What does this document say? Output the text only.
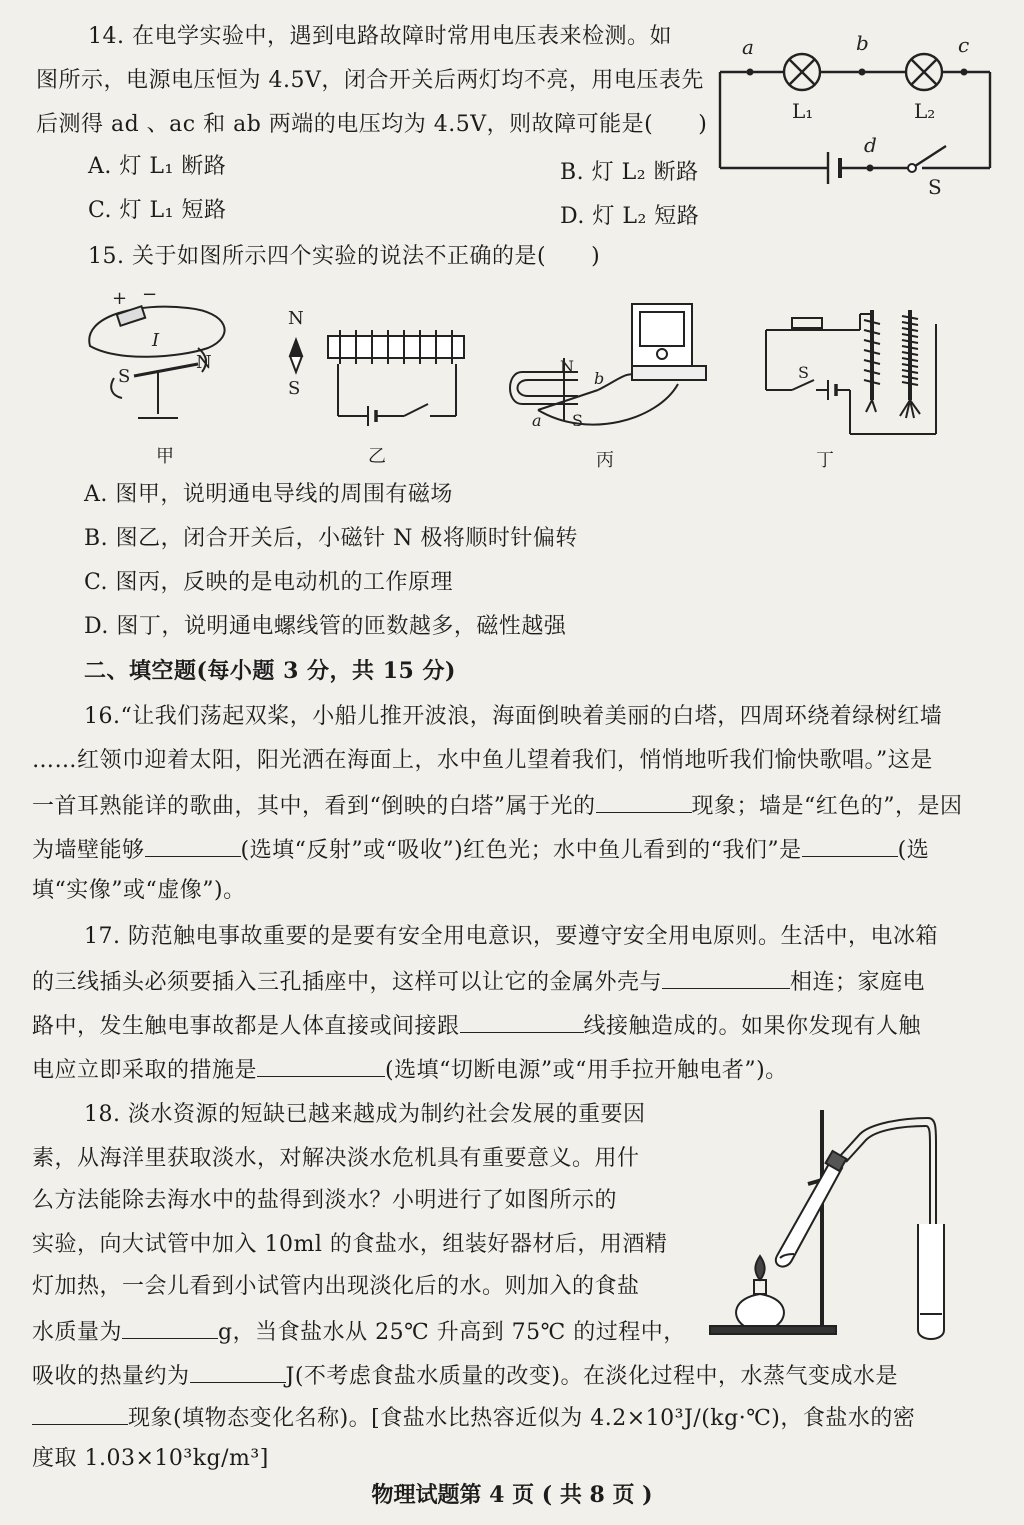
14. 在电学实验中，遇到电路故障时常用电压表来检测。如
图所示，电源电压恒为 4.5V，闭合开关后两灯均不亮，用电压表先
后测得 ad 、ac 和 ab 两端的电压均为 4.5V，则故障可能是(　　)
A. 灯 L₁ 断路	B. 灯 L₂ 断路
C. 灯 L₁ 短路	D. 灯 L₂ 短路
a	b	c
d
L₁	L₂
S
15. 关于如图所示四个实验的说法不正确的是(　　)
+ −
I
S
N
甲
N
S
乙
N
S
a
b
丙
S
丁
A. 图甲，说明通电导线的周围有磁场
B. 图乙，闭合开关后，小磁针 N 极将顺时针偏转
C. 图丙，反映的是电动机的工作原理
D. 图丁，说明通电螺线管的匝数越多，磁性越强
二、填空题(每小题 3 分，共 15 分)
16.“让我们荡起双桨，小船儿推开波浪，海面倒映着美丽的白塔，四周环绕着绿树红墙
……红领巾迎着太阳，阳光洒在海面上，水中鱼儿望着我们，悄悄地听我们愉快歌唱。”这是
一首耳熟能详的歌曲，其中，看到“倒映的白塔”属于光的	现象；墙是“红色的”，是因
为墙壁能够	(选填“反射”或“吸收”)红色光；水中鱼儿看到的“我们”是	(选
填“实像”或“虚像”)。
17. 防范触电事故重要的是要有安全用电意识，要遵守安全用电原则。生活中，电冰箱
的三线插头必须要插入三孔插座中，这样可以让它的金属外壳与	相连；家庭电
路中，发生触电事故都是人体直接或间接跟	线接触造成的。如果你发现有人触
电应立即采取的措施是	(选填“切断电源”或“用手拉开触电者”)。
18. 淡水资源的短缺已越来越成为制约社会发展的重要因
素，从海洋里获取淡水，对解决淡水危机具有重要意义。用什
么方法能除去海水中的盐得到淡水？小明进行了如图所示的
实验，向大试管中加入 10ml 的食盐水，组装好器材后，用酒精
灯加热，一会儿看到小试管内出现淡化后的水。则加入的食盐
水质量为	g，当食盐水从 25℃ 升高到 75℃ 的过程中，
吸收的热量约为	J(不考虑食盐水质量的改变)。在淡化过程中，水蒸气变成水是
现象(填物态变化名称)。[食盐水比热容近似为 4.2×10³J/(kg·℃)，食盐水的密
度取 1.03×10³kg/m³]
物理试题第 4 页 ( 共 8 页 )
